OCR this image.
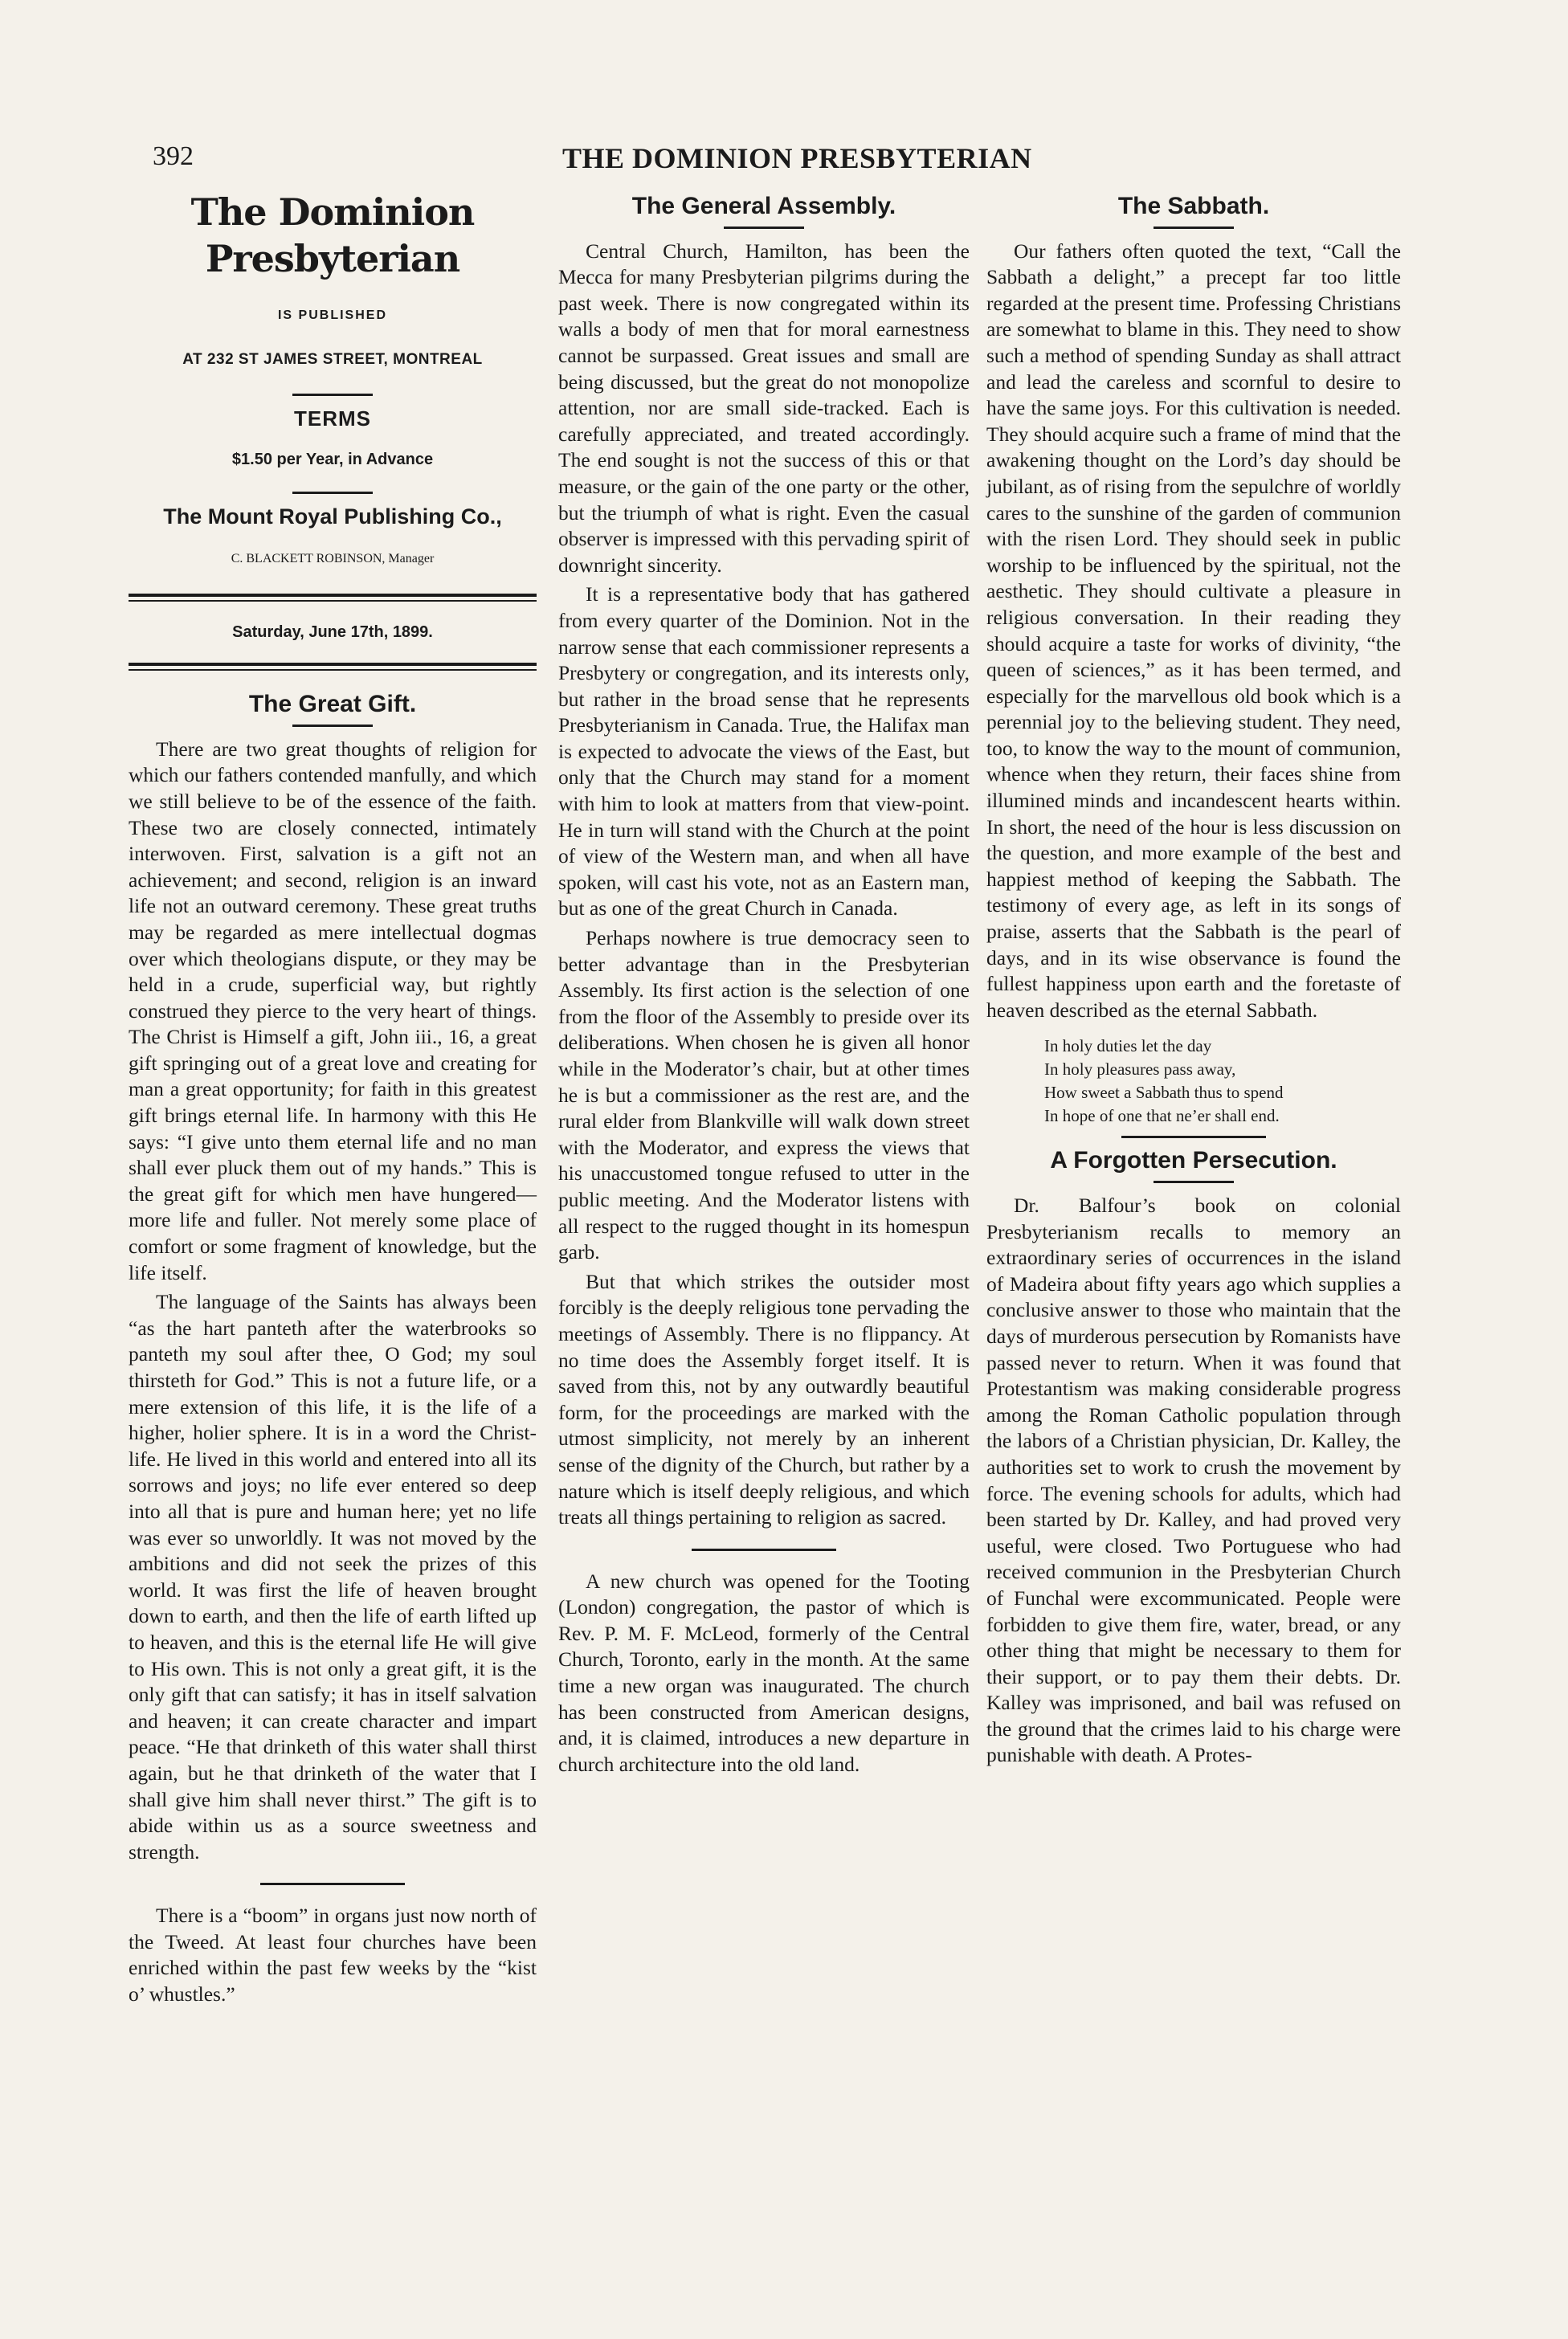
392	THE DOMINION PRESBYTERIAN
The Dominion Presbyterian
IS PUBLISHED
AT 232 ST JAMES STREET, MONTREAL
TERMS
$1.50 per Year, in Advance
The Mount Royal Publishing Co.,
C. BLACKETT ROBINSON, Manager
Saturday, June 17th, 1899.
The Great Gift.

There are two great thoughts of religion for which our fathers contended manfully, and which we still believe to be of the essence of the faith. These two are closely connected, intimately interwoven. First, salvation is a gift not an achievement; and second, religion is an inward life not an outward ceremony. These great truths may be regarded as mere intellectual dogmas over which theologians dispute, or they may be held in a crude, superficial way, but rightly construed they pierce to the very heart of things. The Christ is Himself a gift, John iii., 16, a great gift springing out of a great love and creating for man a great opportunity; for faith in this greatest gift brings eternal life. In harmony with this He says: “I give unto them eternal life and no man shall ever pluck them out of my hands.” This is the great gift for which men have hungered—more life and fuller. Not merely some place of comfort or some fragment of knowledge, but the life itself.

The language of the Saints has always been “as the hart panteth after the waterbrooks so panteth my soul after thee, O God; my soul thirsteth for God.” This is not a future life, or a mere extension of this life, it is the life of a higher, holier sphere. It is in a word the Christ-life. He lived in this world and entered into all its sorrows and joys; no life ever entered so deep into all that is pure and human here; yet no life was ever so unworldly. It was not moved by the ambitions and did not seek the prizes of this world. It was first the life of heaven brought down to earth, and then the life of earth lifted up to heaven, and this is the eternal life He will give to His own. This is not only a great gift, it is the only gift that can satisfy; it has in itself salvation and heaven; it can create character and impart peace. “He that drinketh of this water shall thirst again, but he that drinketh of the water that I shall give him shall never thirst.” The gift is to abide within us as a source sweetness and strength.

There is a “boom” in organs just now north of the Tweed. At least four churches have been enriched within the past few weeks by the “kist o’ whustles.”

The General Assembly.

Central Church, Hamilton, has been the Mecca for many Presbyterian pilgrims during the past week. There is now congregated within its walls a body of men that for moral earnestness cannot be surpassed. Great issues and small are being discussed, but the great do not monopolize attention, nor are small side-tracked. Each is carefully appreciated, and treated accordingly. The end sought is not the success of this or that measure, or the gain of the one party or the other, but the triumph of what is right. Even the casual observer is impressed with this pervading spirit of downright sincerity.

It is a representative body that has gathered from every quarter of the Dominion. Not in the narrow sense that each commissioner represents a Presbytery or congregation, and its interests only, but rather in the broad sense that he represents Presbyterianism in Canada. True, the Halifax man is expected to advocate the views of the East, but only that the Church may stand for a moment with him to look at matters from that view-point. He in turn will stand with the Church at the point of view of the Western man, and when all have spoken, will cast his vote, not as an Eastern man, but as one of the great Church in Canada.

Perhaps nowhere is true democracy seen to better advantage than in the Presbyterian Assembly. Its first action is the selection of one from the floor of the Assembly to preside over its deliberations. When chosen he is given all honor while in the Moderator’s chair, but at other times he is but a commissioner as the rest are, and the rural elder from Blankville will walk down street with the Moderator, and express the views that his unaccustomed tongue refused to utter in the public meeting. And the Moderator listens with all respect to the rugged thought in its homespun garb.

But that which strikes the outsider most forcibly is the deeply religious tone pervading the meetings of Assembly. There is no flippancy. At no time does the Assembly forget itself. It is saved from this, not by any outwardly beautiful form, for the proceedings are marked with the utmost simplicity, not merely by an inherent sense of the dignity of the Church, but rather by a nature which is itself deeply religious, and which treats all things pertaining to religion as sacred.

A new church was opened for the Tooting (London) congregation, the pastor of which is Rev. P. M. F. McLeod, formerly of the Central Church, Toronto, early in the month. At the same time a new organ was inaugurated. The church has been constructed from American designs, and, it is claimed, introduces a new departure in church architecture into the old land.

The Sabbath.

Our fathers often quoted the text, “Call the Sabbath a delight,” a precept far too little regarded at the present time. Professing Christians are somewhat to blame in this. They need to show such a method of spending Sunday as shall attract and lead the careless and scornful to desire to have the same joys. For this cultivation is needed. They should acquire such a frame of mind that the awakening thought on the Lord’s day should be jubilant, as of rising from the sepulchre of worldly cares to the sunshine of the garden of communion with the risen Lord. They should seek in public worship to be influenced by the spiritual, not the aesthetic. They should cultivate a pleasure in religious conversation. In their reading they should acquire a taste for works of divinity, “the queen of sciences,” as it has been termed, and especially for the marvellous old book which is a perennial joy to the believing student. They need, too, to know the way to the mount of communion, whence when they return, their faces shine from illumined minds and incandescent hearts within. In short, the need of the hour is less discussion on the question, and more example of the best and happiest method of keeping the Sabbath. The testimony of every age, as left in its songs of praise, asserts that the Sabbath is the pearl of days, and in its wise observance is found the fullest happiness upon earth and the foretaste of heaven described as the eternal Sabbath.

In holy duties let the day
In holy pleasures pass away,
How sweet a Sabbath thus to spend
In hope of one that ne’er shall end.
A Forgotten Persecution.

Dr. Balfour’s book on colonial Presbyterianism recalls to memory an extraordinary series of occurrences in the island of Madeira about fifty years ago which supplies a conclusive answer to those who maintain that the days of murderous persecution by Romanists have passed never to return. When it was found that Protestantism was making considerable progress among the Roman Catholic population through the labors of a Christian physician, Dr. Kalley, the authorities set to work to crush the movement by force. The evening schools for adults, which had been started by Dr. Kalley, and had proved very useful, were closed. Two Portuguese who had received communion in the Presbyterian Church of Funchal were excommunicated. People were forbidden to give them fire, water, bread, or any other thing that might be necessary to them for their support, or to pay them their debts. Dr. Kalley was imprisoned, and bail was refused on the ground that the crimes laid to his charge were punishable with death. A Protes-
